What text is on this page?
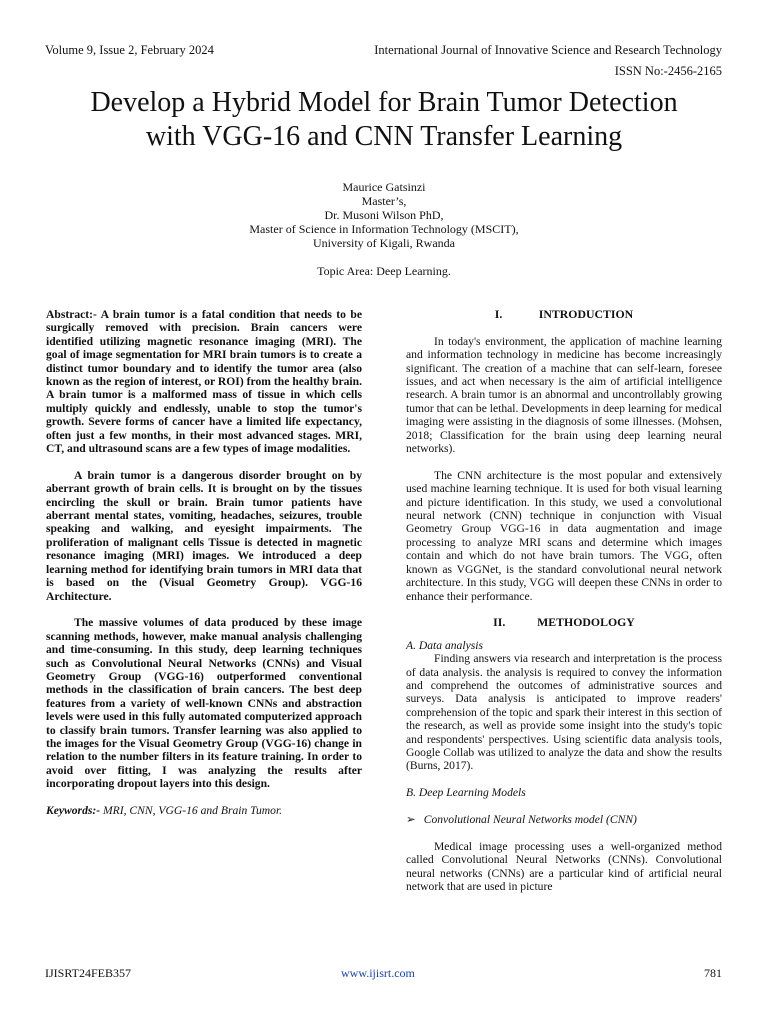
Volume 9, Issue 2, February 2024	International Journal of Innovative Science and Research Technology
ISSN No:-2456-2165
Develop a Hybrid Model for Brain Tumor Detection
with VGG-16 and CNN Transfer Learning
Maurice Gatsinzi
Master’s,
Dr. Musoni Wilson PhD,
Master of Science in Information Technology (MSCIT),
University of Kigali, Rwanda
Topic Area: Deep Learning.

Abstract:- A brain tumor is a fatal condition that needs to be surgically removed with precision. Brain cancers were identified utilizing magnetic resonance imaging (MRI). The goal of image segmentation for MRI brain tumors is to create a distinct tumor boundary and to identify the tumor area (also known as the region of interest, or ROI) from the healthy brain. A brain tumor is a malformed mass of tissue in which cells multiply quickly and endlessly, unable to stop the tumor's growth. Severe forms of cancer have a limited life expectancy, often just a few months, in their most advanced stages. MRI, CT, and ultrasound scans are a few types of image modalities.

A brain tumor is a dangerous disorder brought on by aberrant growth of brain cells. It is brought on by the tissues encircling the skull or brain. Brain tumor patients have aberrant mental states, vomiting, headaches, seizures, trouble speaking and walking, and eyesight impairments. The proliferation of malignant cells Tissue is detected in magnetic resonance imaging (MRI) images. We introduced a deep learning method for identifying brain tumors in MRI data that is based on the (Visual Geometry Group). VGG-16 Architecture.

The massive volumes of data produced by these image scanning methods, however, make manual analysis challenging and time-consuming. In this study, deep learning techniques such as Convolutional Neural Networks (CNNs) and Visual Geometry Group (VGG-16) outperformed conventional methods in the classification of brain cancers. The best deep features from a variety of well-known CNNs and abstraction levels were used in this fully automated computerized approach to classify brain tumors. Transfer learning was also applied to the images for the Visual Geometry Group (VGG-16) change in relation to the number filters in its feature training. In order to avoid over fitting, I was analyzing the results after incorporating dropout layers into this design.

Keywords:- MRI, CNN, VGG-16 and Brain Tumor.

I.	INTRODUCTION

In today's environment, the application of machine learning and information technology in medicine has become increasingly significant. The creation of a machine that can self-learn, foresee issues, and act when necessary is the aim of artificial intelligence research. A brain tumor is an abnormal and uncontrollably growing tumor that can be lethal. Developments in deep learning for medical imaging were assisting in the diagnosis of some illnesses. (Mohsen, 2018; Classification for the brain using deep learning neural networks).

The CNN architecture is the most popular and extensively used machine learning technique. It is used for both visual learning and picture identification. In this study, we used a convolutional neural network (CNN) technique in conjunction with Visual Geometry Group VGG-16 in data augmentation and image processing to analyze MRI scans and determine which images contain and which do not have brain tumors. The VGG, often known as VGGNet, is the standard convolutional neural network architecture. In this study, VGG will deepen these CNNs in order to enhance their performance.

II.	METHODOLOGY

A. Data analysis

Finding answers via research and interpretation is the process of data analysis. the analysis is required to convey the information and comprehend the outcomes of administrative sources and surveys. Data analysis is anticipated to improve readers' comprehension of the topic and spark their interest in this section of the research, as well as provide some insight into the study's topic and respondents' perspectives. Using scientific data analysis tools, Google Collab was utilized to analyze the data and show the results (Burns, 2017).

B. Deep Learning Models

➢ Convolutional Neural Networks model (CNN)

Medical image processing uses a well-organized method called Convolutional Neural Networks (CNNs). Convolutional neural networks (CNNs) are a particular kind of artificial neural network that are used in picture

IJISRT24FEB357	www.ijisrt.com	781
